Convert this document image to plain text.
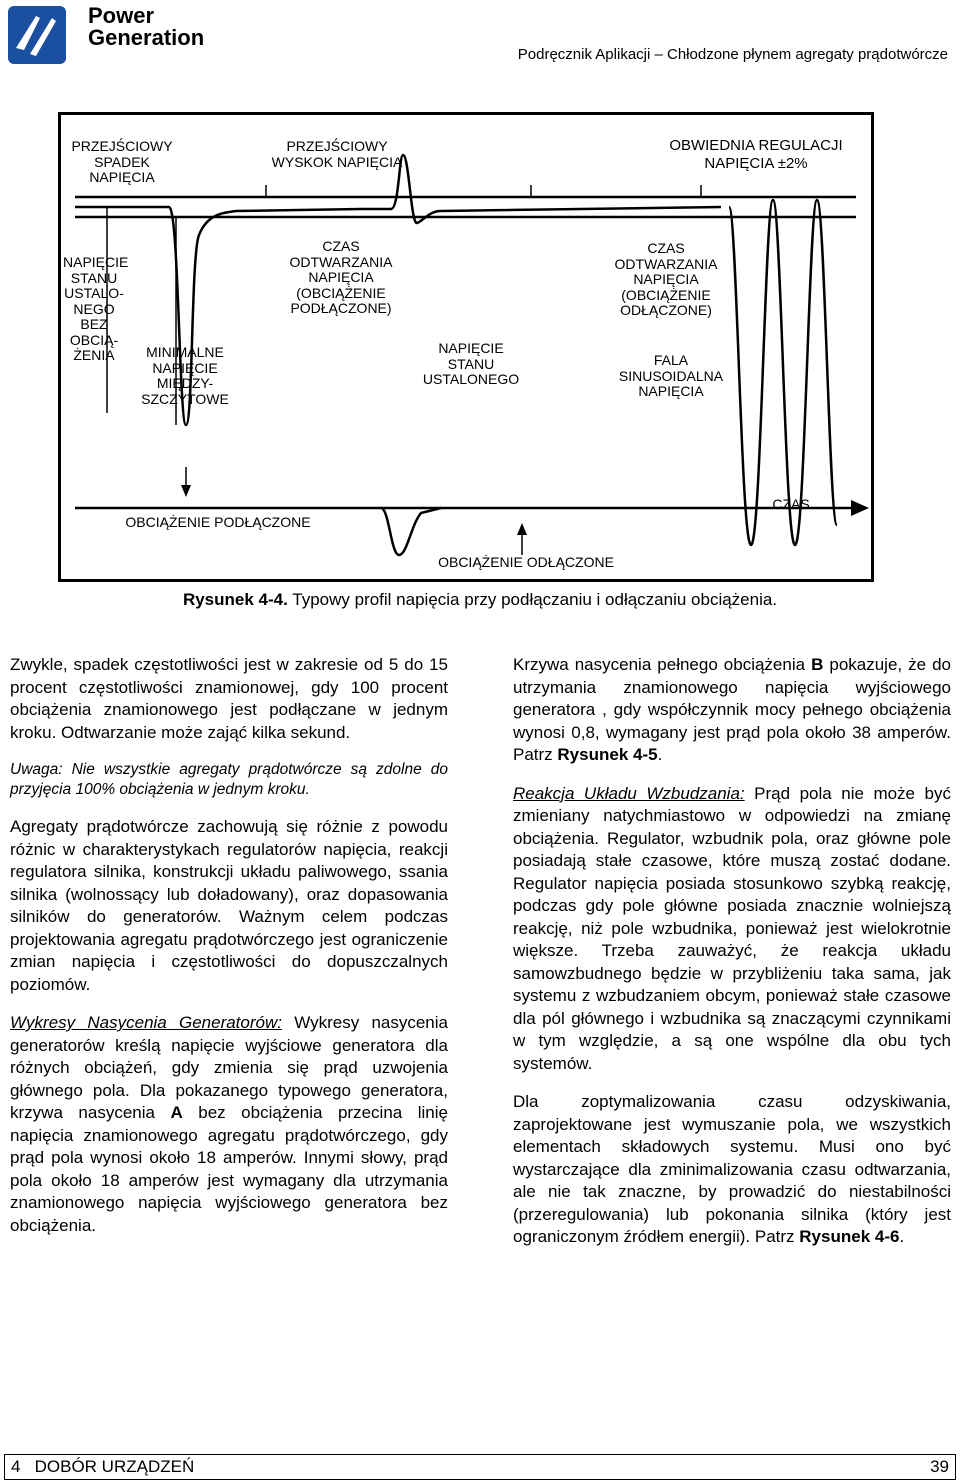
Power
Generation
Podręcznik Aplikacji – Chłodzone płynem agregaty prądotwórcze
PRZEJŚCIOWY
SPADEK NAPIĘCIA
PRZEJŚCIOWY
WYSKOK NAPIĘCIA
OBWIEDNIA REGULACJI
NAPIĘCIA ±2%
NAPIĘCIE
STANU
USTALO-
NEGO
BEZ
OBCIĄ-
ŻENIA	MINIMALNE
NAPIĘCIE
MIĘDZY-
SZCZYTOWE
CZAS
ODTWARZANIA
NAPIĘCIA
(OBCIĄŻENIE
PODŁĄCZONE)
NAPIĘCIE
STANU
USTALONEGO
CZAS
ODTWARZANIA
NAPIĘCIA
(OBCIĄŻENIE
ODŁĄCZONE)
FALA
SINUSOIDALNA
NAPIĘCIA
OBCIĄŻENIE PODŁĄCZONE
CZAS
OBCIĄŻENIE ODŁĄCZONE
Rysunek 4-4. Typowy profil napięcia przy podłączaniu i odłączaniu obciążenia.

Zwykle, spadek częstotliwości jest w zakresie od 5 do 15 procent częstotliwości znamionowej, gdy 100 procent obciążenia znamionowego jest podłączane w jednym kroku. Odtwarzanie może zająć kilka sekund.

Uwaga: Nie wszystkie agregaty prądotwórcze są zdolne do przyjęcia 100% obciążenia w jednym kroku.

Agregaty prądotwórcze zachowują się różnie z powodu różnic w charakterystykach regulatorów napięcia, reakcji regulatora silnika, konstrukcji układu paliwowego, ssania silnika (wolnossący lub doładowany), oraz dopasowania silników do generatorów. Ważnym celem podczas projektowania agregatu prądotwórczego jest ograniczenie zmian napięcia i częstotliwości do dopuszczalnych poziomów.

Wykresy Nasycenia Generatorów: Wykresy nasycenia generatorów kreślą napięcie wyjściowe generatora dla różnych obciążeń, gdy zmienia się prąd uzwojenia głównego pola. Dla pokazanego typowego generatora, krzywa nasycenia A bez obciążenia przecina linię napięcia znamionowego agregatu prądotwórczego, gdy prąd pola wynosi około 18 amperów. Innymi słowy, prąd pola około 18 amperów jest wymagany dla utrzymania znamionowego napięcia wyjściowego generatora bez obciążenia.

Krzywa nasycenia pełnego obciążenia B pokazuje, że do utrzymania znamionowego napięcia wyjściowego generatora , gdy współczynnik mocy pełnego obciążenia wynosi 0,8, wymagany jest prąd pola około 38 amperów. Patrz Rysunek 4-5.

Reakcja Układu Wzbudzania: Prąd pola nie może być zmieniany natychmiastowo w odpowiedzi na zmianę obciążenia. Regulator, wzbudnik pola, oraz główne pole posiadają stałe czasowe, które muszą zostać dodane. Regulator napięcia posiada stosunkowo szybką reakcję, podczas gdy pole główne posiada znacznie wolniejszą reakcję, niż pole wzbudnika, ponieważ jest wielokrotnie większe. Trzeba zauważyć, że reakcja układu samowzbudnego będzie w przybliżeniu taka sama, jak systemu z wzbudzaniem obcym, ponieważ stałe czasowe dla pól głównego i wzbudnika są znaczącymi czynnikami w tym względzie, a są one wspólne dla obu tych systemów.

Dla zoptymalizowania czasu odzyskiwania, zaprojektowane jest wymuszanie pola, we wszystkich elementach składowych systemu. Musi ono być wystarczające dla zminimalizowania czasu odtwarzania, ale nie tak znaczne, by prowadzić do niestabilności (przeregulowania) lub pokonania silnika (który jest ograniczonym źródłem energii). Patrz Rysunek 4-6.

4   DOBÓR URZĄDZEŃ	39
